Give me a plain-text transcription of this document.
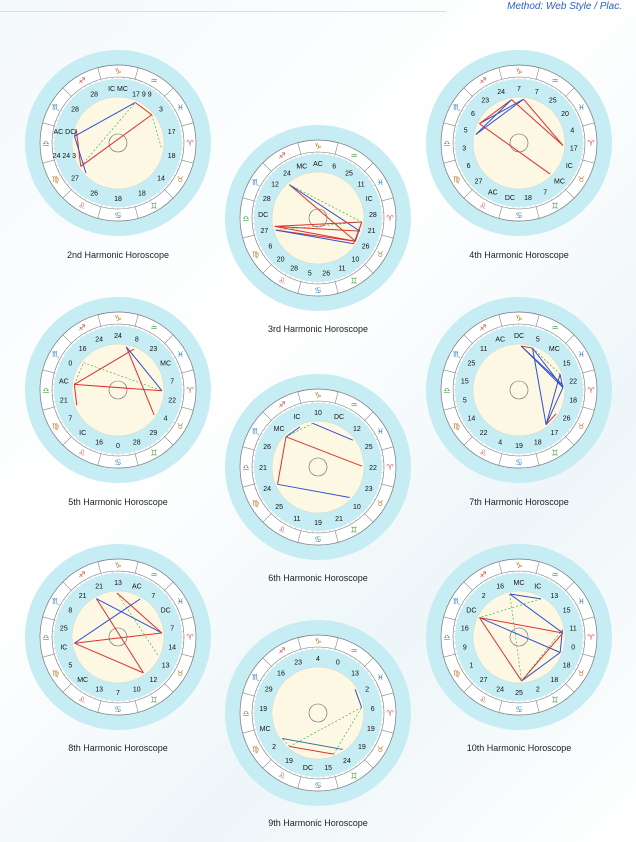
Method: Web Style / Plac.
♈
♉
♊
♋
♌
♍
♎
♏
♐
♑
♒
♓
IC MC
17 9 9
3
17
18
14
18
18
26
27
24 24 3
AC DC
28
28
2nd Harmonic Horoscope
♈
♉
♊
♋
♌
♍
♎
♏
♐
♑
♒
♓
AC 6
25
11
IC
28
21
26
10
11
26
5
28
20
6
27
DC
28
12
24
MC
3rd Harmonic Horoscope
♈
♉
♊
♋
♌
♍
♎
♏
♐
♑
♒
♓
7 7
25
20
4
17
IC
MC
7
18
DC
AC
27
6
3
5
6
23
24
4th Harmonic Horoscope
♈
♉
♊
♋
♌
♍
♎
♏
♐
♑
♒
♓
24 8
23
MC
7
22
4
29
28
0
16
IC
7
21
AC
0
16
24
5th Harmonic Horoscope
♈
♉
♊
♋
♌
♍
♎
♏
♐
♑
♒
♓
10
DC
12
25
22
23
10
21
19
11
25
24
21
26
MC
IC
6th Harmonic Horoscope
♈
♉
♊
♋
♌
♍
♎
♏
♐
♑
♒
♓
DC 5
MC
15
22
18
26
17
18
19
4
22
14
5
15
25
11
AC
7th Harmonic Horoscope
♈
♉
♊
♋
♌
♍
♎
♏
♐
♑
♒
♓
13 AC
7
DC
7
14
13
12
10
7
13
MC
5
IC
25
8
21
21
8th Harmonic Horoscope
♈
♉
♊
♋
♌
♍
♎
♏
♐
♑
♒
♓
4
0
13
2
6
19
19
24
15
DC
19
2
MC
19
29
16
23
9th Harmonic Horoscope
♈
♉
♊
♋
♌
♍
♎
♏
♐
♑
♒
♓
MC IC
13
15
11
0
18
18
2
25
24
27
1
9
16
DC
2
16
10th Harmonic Horoscope
